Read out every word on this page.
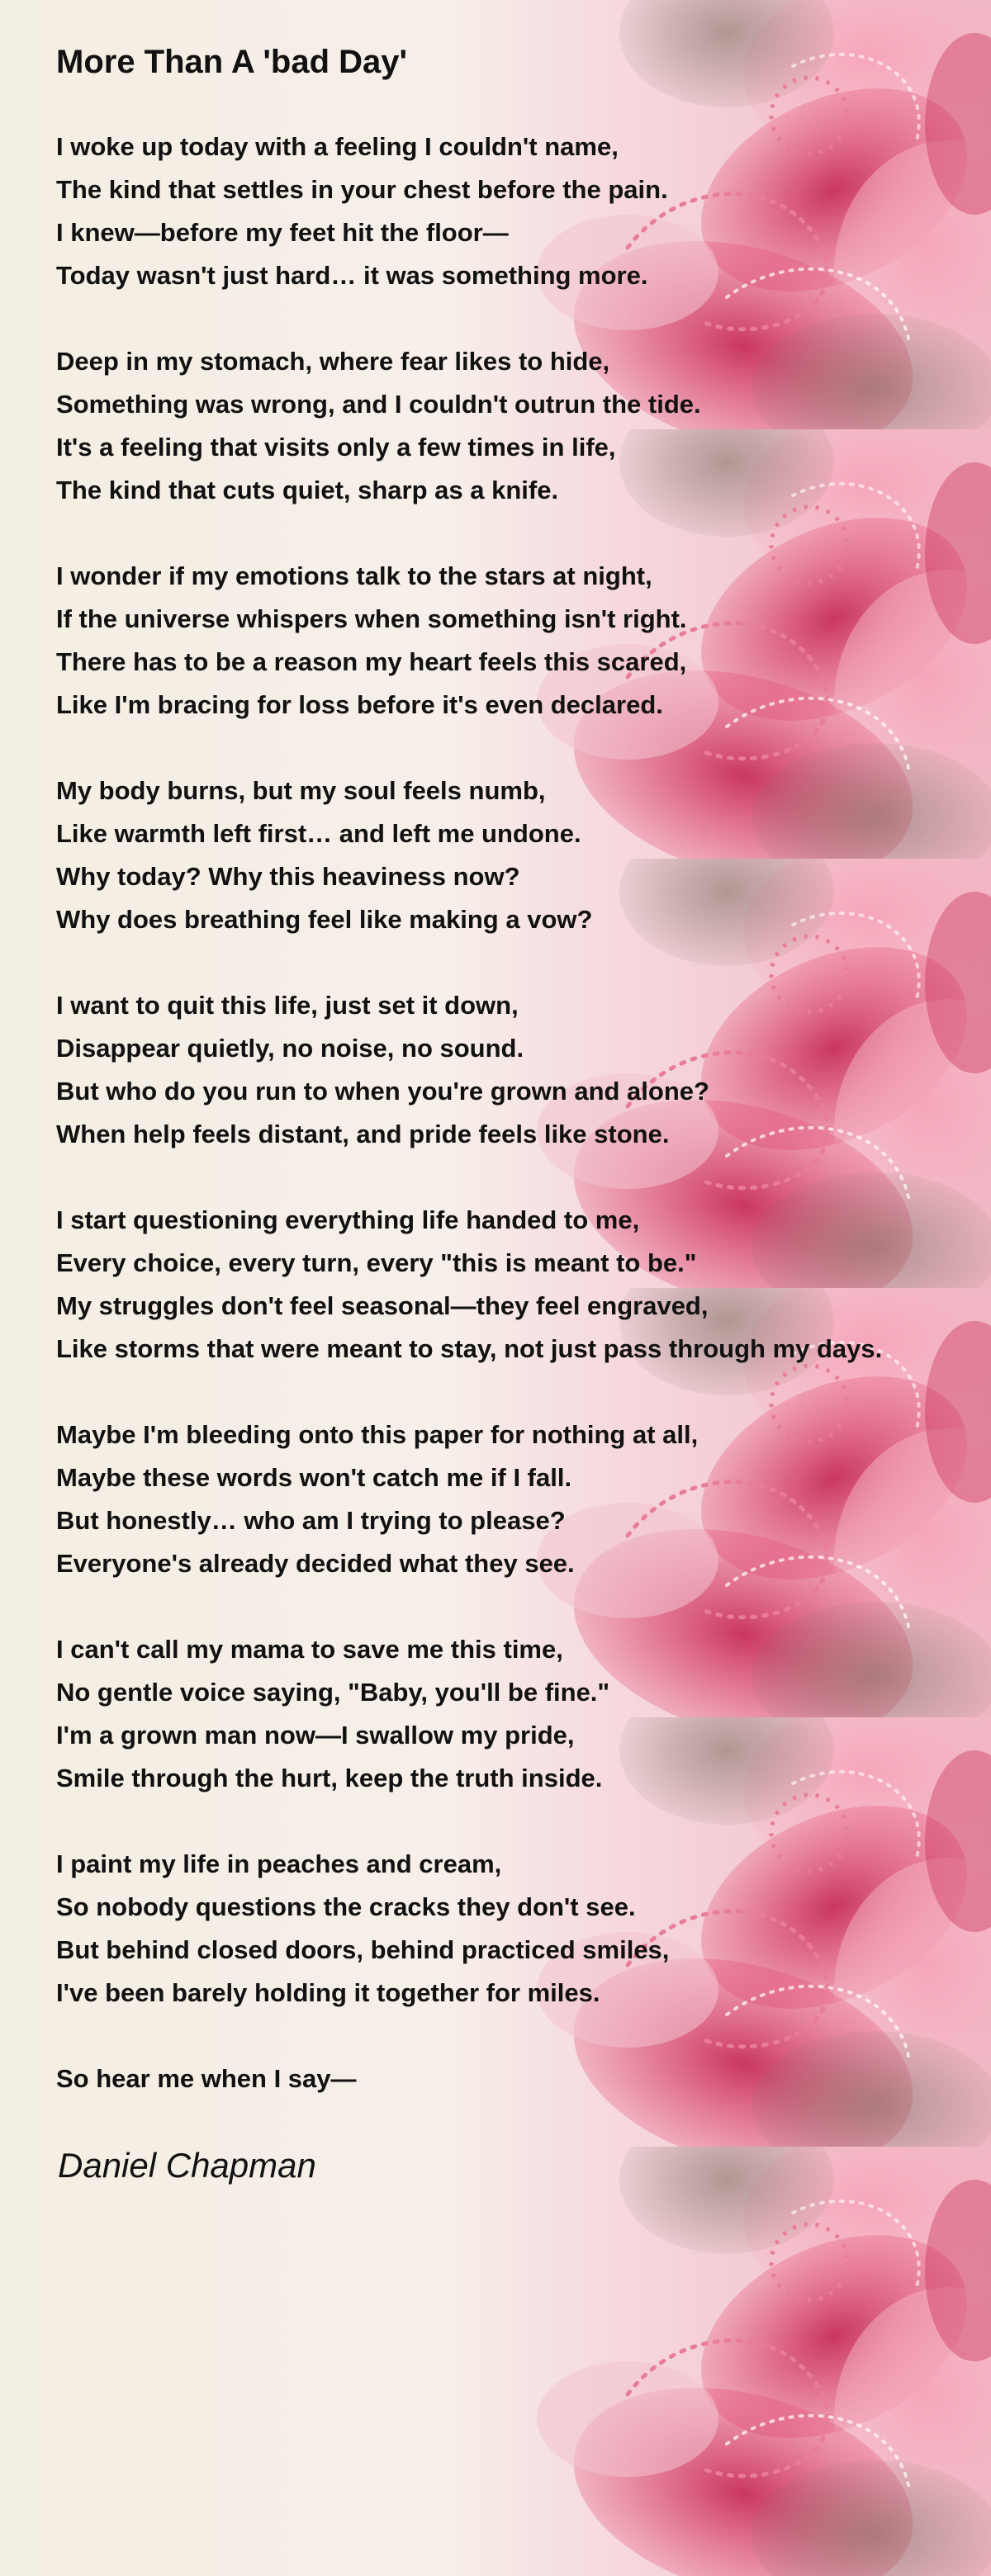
More Than A 'bad Day'
I woke up today with a feeling I couldn't name,
The kind that settles in your chest before the pain.
I knew—before my feet hit the floor—
Today wasn't just hard… it was something more.
Deep in my stomach, where fear likes to hide,
Something was wrong, and I couldn't outrun the tide.
It's a feeling that visits only a few times in life,
The kind that cuts quiet, sharp as a knife.
I wonder if my emotions talk to the stars at night,
If the universe whispers when something isn't right.
There has to be a reason my heart feels this scared,
Like I'm bracing for loss before it's even declared.
My body burns, but my soul feels numb,
Like warmth left first… and left me undone.
Why today? Why this heaviness now?
Why does breathing feel like making a vow?
I want to quit this life, just set it down,
Disappear quietly, no noise, no sound.
But who do you run to when you're grown and alone?
When help feels distant, and pride feels like stone.
I start questioning everything life handed to me,
Every choice, every turn, every "this is meant to be."
My struggles don't feel seasonal—they feel engraved,
Like storms that were meant to stay, not just pass through my days.
Maybe I'm bleeding onto this paper for nothing at all,
Maybe these words won't catch me if I fall.
But honestly… who am I trying to please?
Everyone's already decided what they see.
I can't call my mama to save me this time,
No gentle voice saying, "Baby, you'll be fine."
I'm a grown man now—I swallow my pride,
Smile through the hurt, keep the truth inside.
I paint my life in peaches and cream,
So nobody questions the cracks they don't see.
But behind closed doors, behind practiced smiles,
I've been barely holding it together for miles.
So hear me when I say—
Daniel Chapman
